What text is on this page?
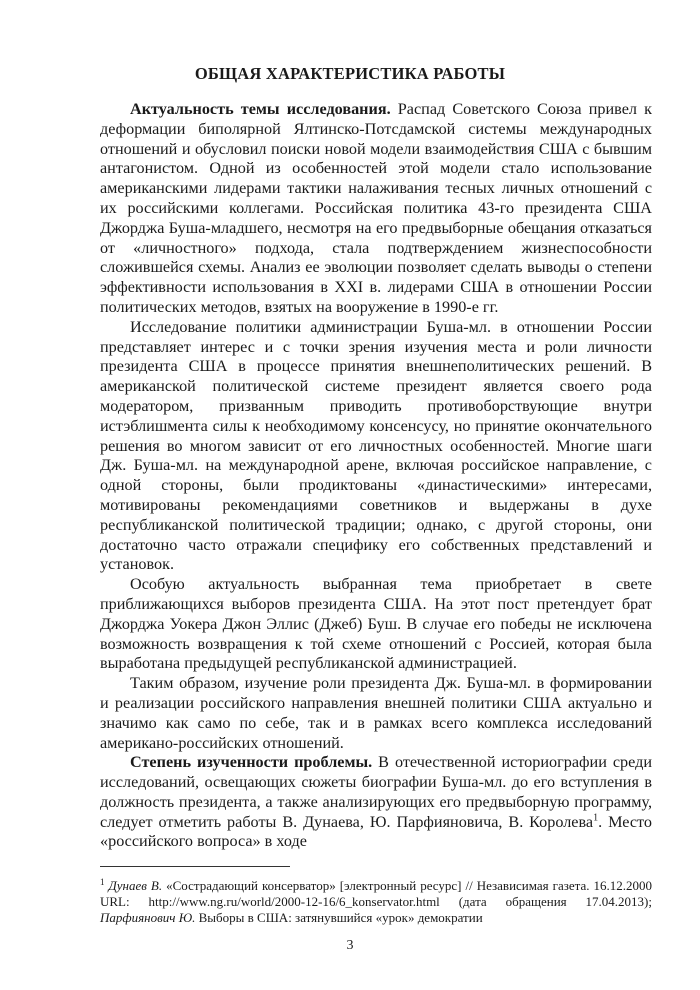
ОБЩАЯ ХАРАКТЕРИСТИКА РАБОТЫ

Актуальность темы исследования. Распад Советского Союза привел к деформации биполярной Ялтинско-Потсдамской системы международных отношений и обусловил поиски новой модели взаимодействия США с бывшим антагонистом. Одной из особенностей этой модели стало использование американскими лидерами тактики налаживания тесных личных отношений с их российскими коллегами. Российская политика 43-го президента США Джорджа Буша-младшего, несмотря на его предвыборные обещания отказаться от «личностного» подхода, стала подтверждением жизнеспособности сложившейся схемы. Анализ ее эволюции позволяет сделать выводы о степени эффективности использования в XXI в. лидерами США в отношении России политических методов, взятых на вооружение в 1990-е гг.

Исследование политики администрации Буша-мл. в отношении России представляет интерес и с точки зрения изучения места и роли личности президента США в процессе принятия внешнеполитических решений. В американской политической системе президент является своего рода модератором, призванным приводить противоборствующие внутри истэблишмента силы к необходимому консенсусу, но принятие окончательного решения во многом зависит от его личностных особенностей. Многие шаги Дж. Буша-мл. на международной арене, включая российское направление, с одной стороны, были продиктованы «династическими» интересами, мотивированы рекомендациями советников и выдержаны в духе республиканской политической традиции; однако, с другой стороны, они достаточно часто отражали специфику его собственных представлений и установок.

Особую актуальность выбранная тема приобретает в свете приближающихся выборов президента США. На этот пост претендует брат Джорджа Уокера Джон Эллис (Джеб) Буш. В случае его победы не исключена возможность возвращения к той схеме отношений с Россией, которая была выработана предыдущей республиканской администрацией.

Таким образом, изучение роли президента Дж. Буша-мл. в формировании и реализации российского направления внешней политики США актуально и значимо как само по себе, так и в рамках всего комплекса исследований американо-российских отношений.

Степень изученности проблемы. В отечественной историографии среди исследований, освещающих сюжеты биографии Буша-мл. до его вступления в должность президента, а также анализирующих его предвыборную программу, следует отметить работы В. Дунаева, Ю. Парфияновича, В. Королева$^1$. Место «российского вопроса» в ходе

$^1$ Дунаев В. «Сострадающий консерватор» [электронный ресурс] // Независимая газета. 16.12.2000 URL: http://www.ng.ru/world/2000-12-16/6_konservator.html (дата обращения 17.04.2013); Парфиянович Ю. Выборы в США: затянувшийся «урок» демократии
3
